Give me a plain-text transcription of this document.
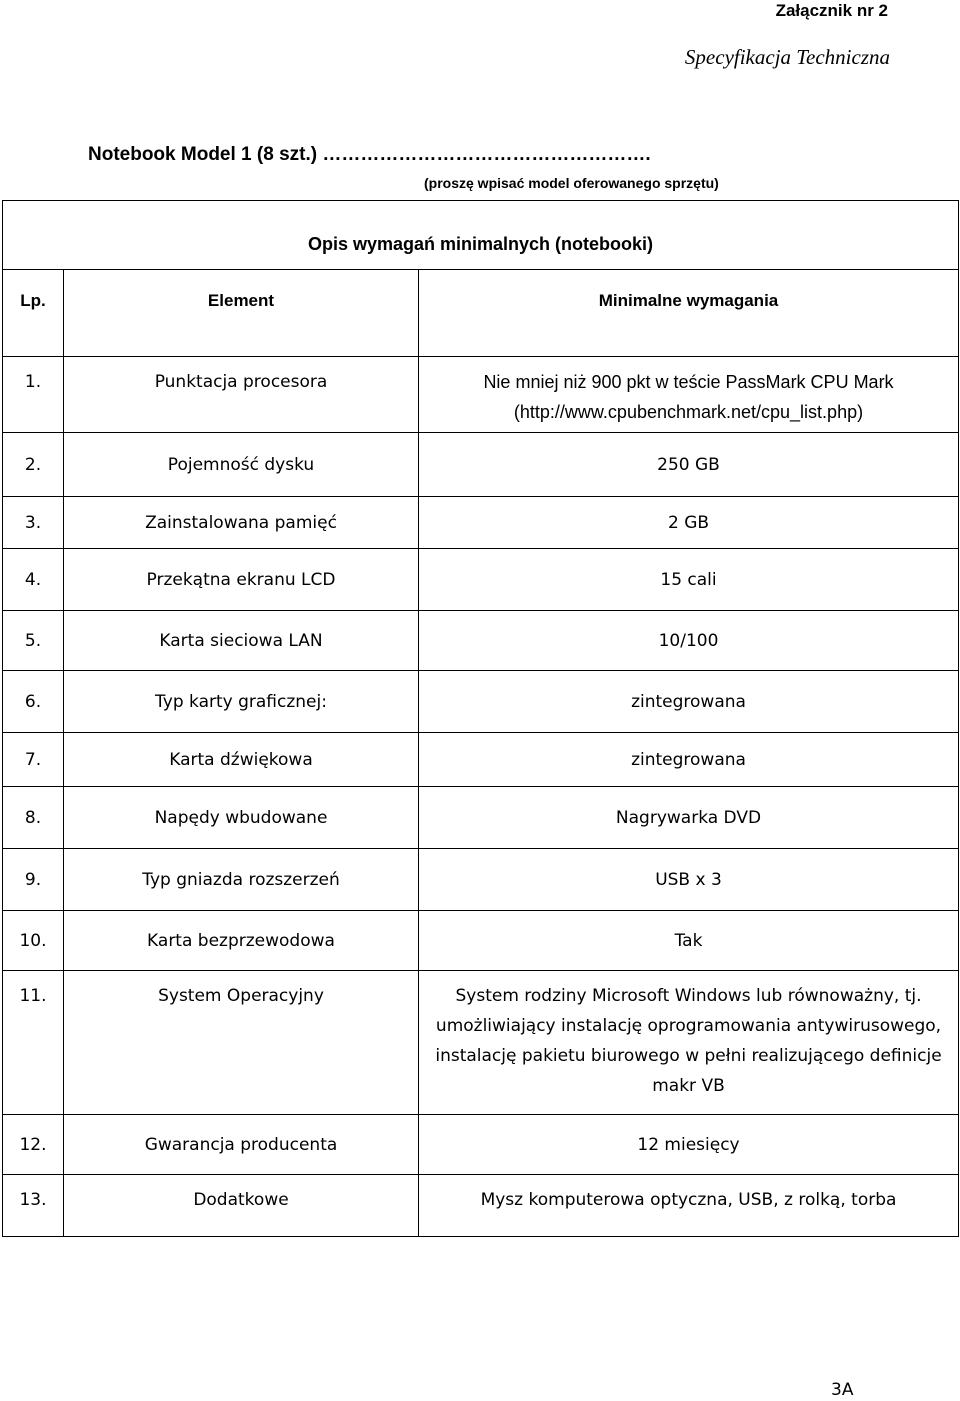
Załącznik nr 2
Specyfikacja Techniczna
Notebook Model 1 (8 szt.) …………………………………………….
(proszę wpisać model oferowanego sprzętu)
Opis wymagań minimalnych (notebooki)		
Lp.	Element	Minimalne wymagania
1.	Punktacja procesora	Nie mniej niż 900 pkt w teście PassMark CPU Mark
(http://www.cpubenchmark.net/cpu_list.php)

2.	Pojemność dysku	250 GB
3.	Zainstalowana pamięć	2 GB
4.	Przekątna ekranu LCD	15 cali
5.	Karta sieciowa LAN	10/100
6.	Typ karty graficznej:	zintegrowana
7.	Karta dźwiękowa	zintegrowana
8.	Napędy wbudowane	Nagrywarka DVD
9.	Typ gniazda rozszerzeń	USB x 3
10.	Karta bezprzewodowa	Tak
11.	System Operacyjny	System rodziny Microsoft Windows lub równoważny, tj. umożliwiający instalację oprogramowania antywirusowego, instalację pakietu biurowego w pełni realizującego definicje makr VB
12.	Gwarancja producenta	12 miesięcy
13.	Dodatkowe	Mysz komputerowa optyczna, USB, z rolką, torba
3A
